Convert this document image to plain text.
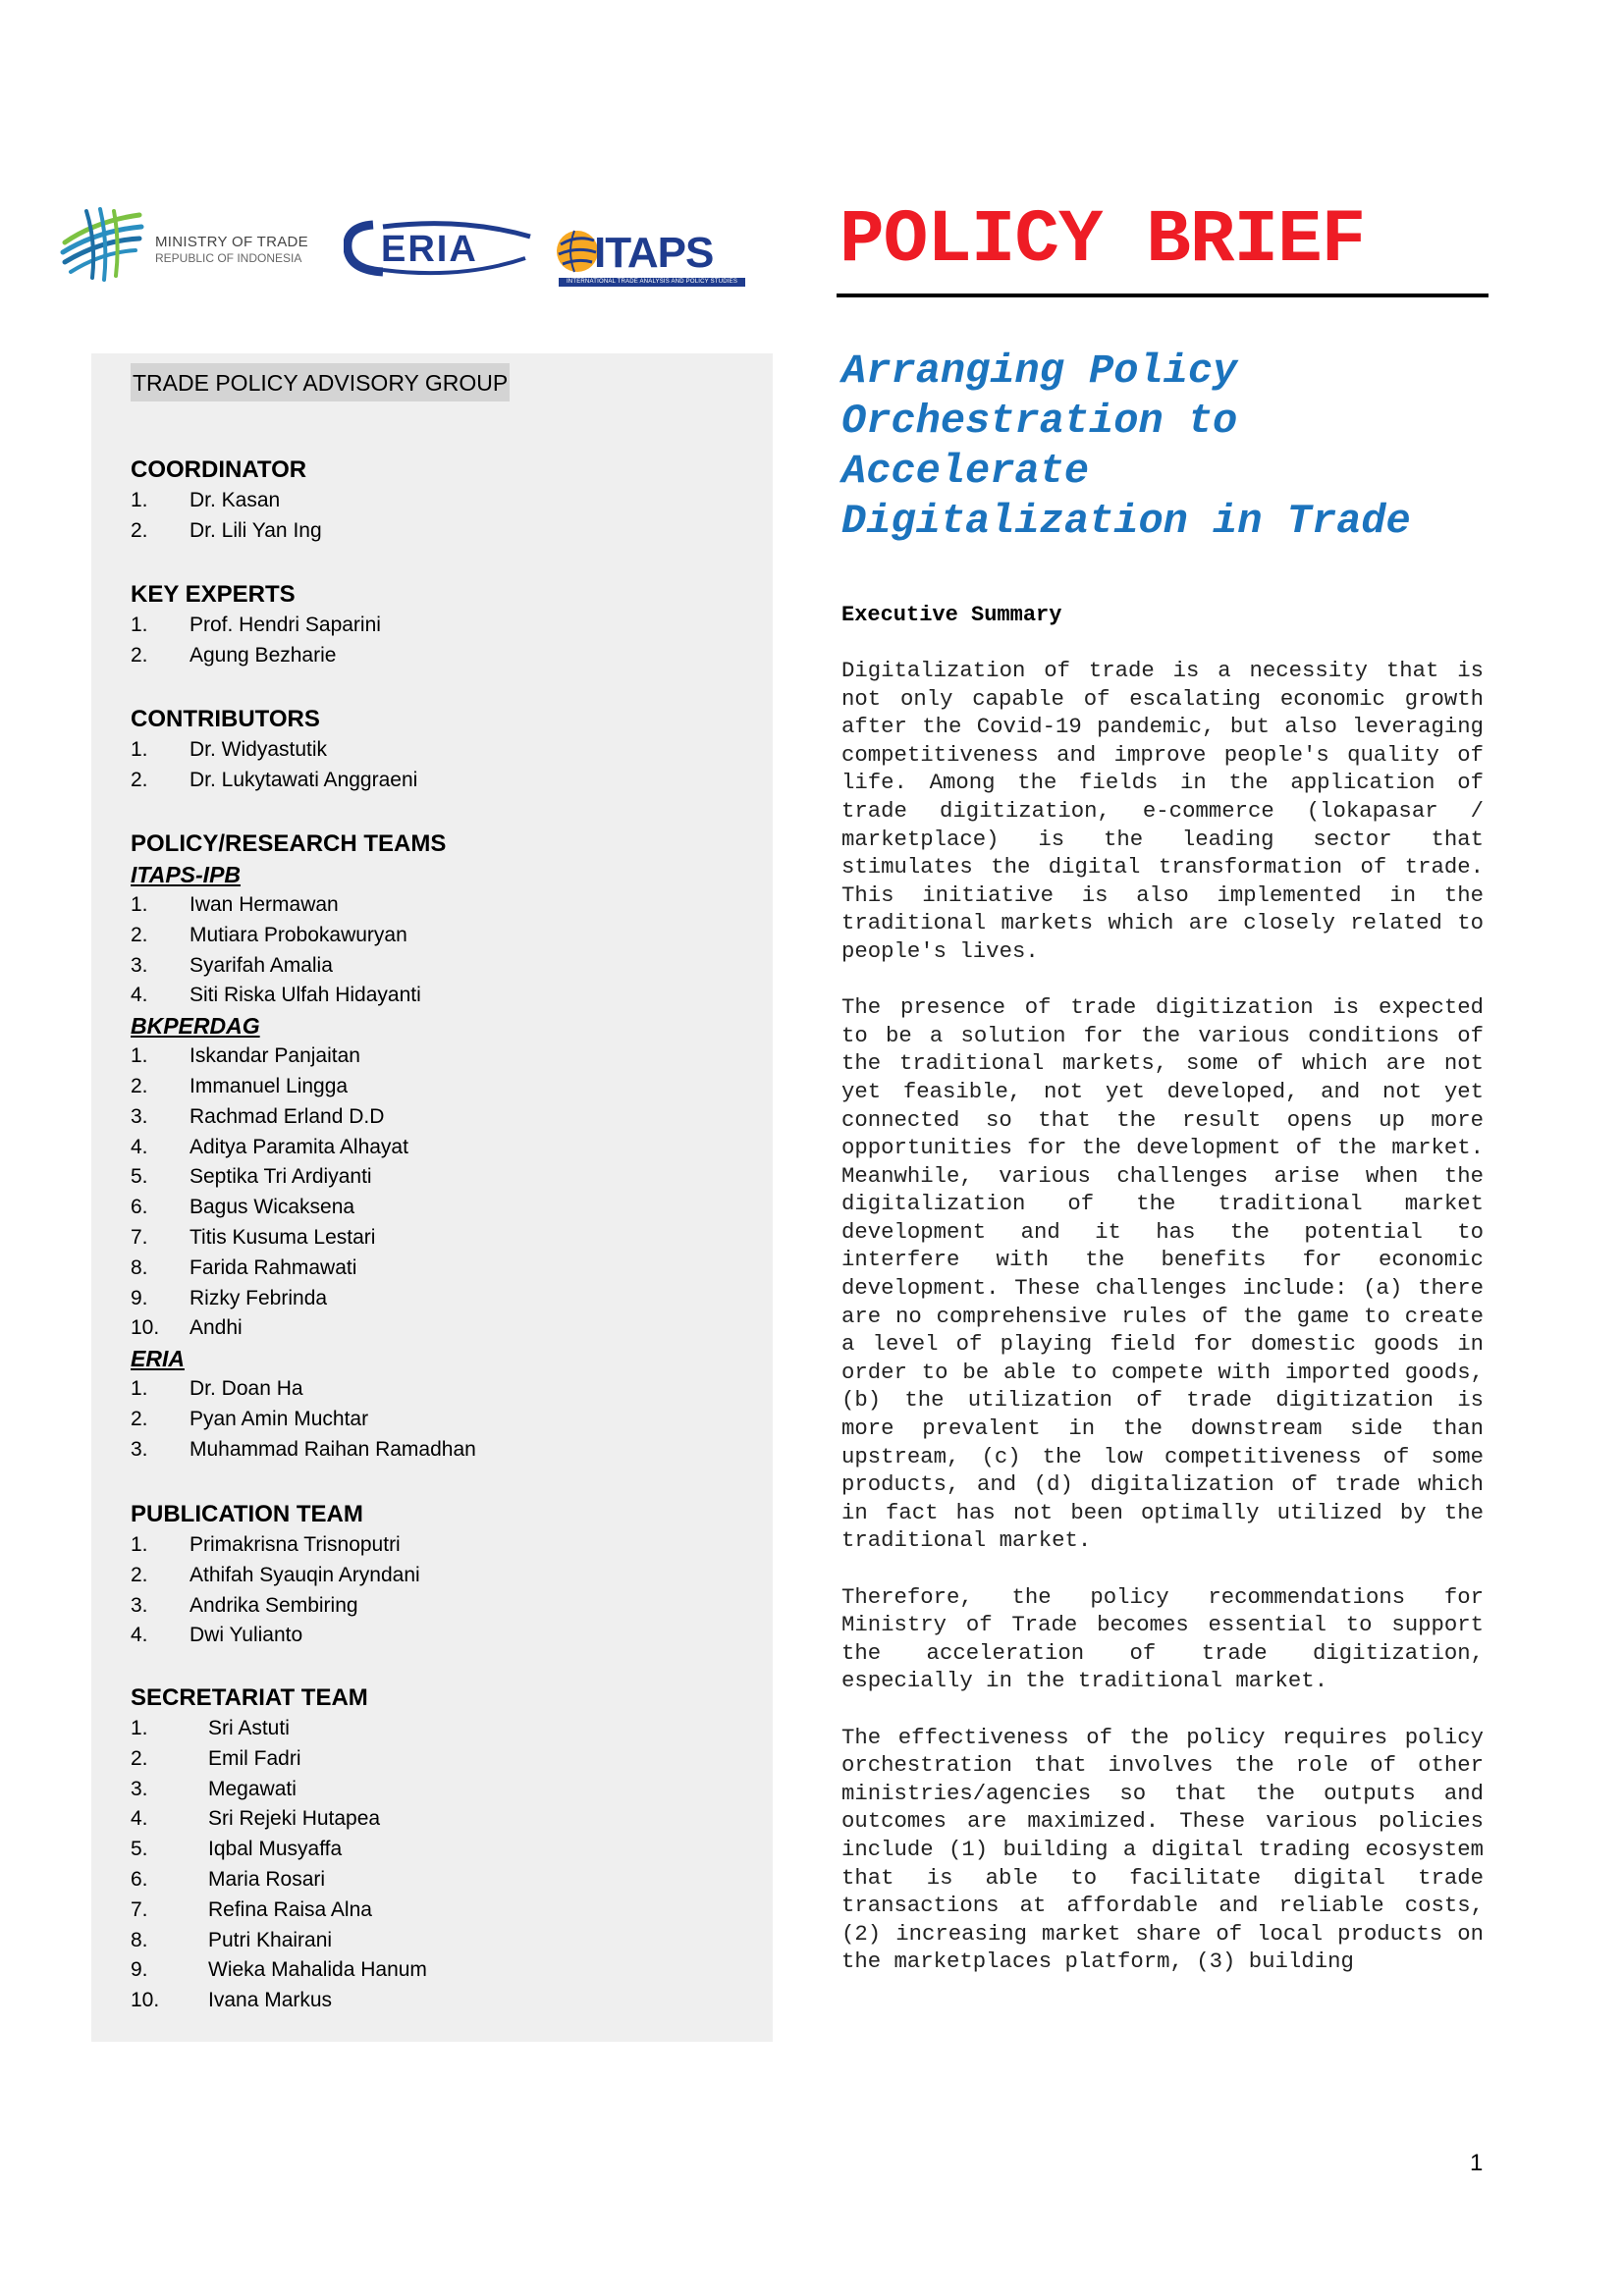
MINISTRY OF TRADE
REPUBLIC OF INDONESIA ERIA	ITAPS
INTERNATIONAL TRADE ANALYSIS AND POLICY STUDIES POLICY BRIEF
TRADE POLICY ADVISORY GROUP
COORDINATOR
1. Dr. Kasan
2. Dr. Lili Yan Ing
KEY EXPERTS
1. Prof. Hendri Saparini
2. Agung Bezharie
CONTRIBUTORS
1. Dr. Widyastutik
2. Dr. Lukytawati Anggraeni
POLICY/RESEARCH TEAMS
ITAPS-IPB
1. Iwan Hermawan
2. Mutiara Probokawuryan
3. Syarifah Amalia
4. Siti Riska Ulfah Hidayanti
BKPERDAG
1. Iskandar Panjaitan
2. Immanuel Lingga
3. Rachmad Erland D.D
4. Aditya Paramita Alhayat
5. Septika Tri Ardiyanti
6. Bagus Wicaksena
7. Titis Kusuma Lestari
8. Farida Rahmawati
9. Rizky Febrinda
10. Andhi
ERIA
1. Dr. Doan Ha
2. Pyan Amin Muchtar
3. Muhammad Raihan Ramadhan
PUBLICATION TEAM
1. Primakrisna Trisnoputri
2. Athifah Syauqin Aryndani
3. Andrika Sembiring
4. Dwi Yulianto
SECRETARIAT TEAM
1.	Sri Astuti
2.	Emil Fadri
3.	Megawati
4.	Sri Rejeki Hutapea
5.	Iqbal Musyaffa
6.	Maria Rosari
7.	Refina Raisa Alna
8.	Putri Khairani
9.	Wieka Mahalida Hanum
10. Ivana Markus
Arranging Policy
Orchestration to
Accelerate
Digitalization in Trade
Executive Summary

Digitalization of trade is a necessity that is not only capable of escalating economic growth after the Covid-19 pandemic, but also leveraging competitiveness and improve people's quality of life. Among the fields in the application of trade digitization, e-commerce (lokapasar / marketplace) is the leading sector that stimulates the digital transformation of trade. This initiative is also implemented in the traditional markets which are closely related to people's lives.

The presence of trade digitization is expected to be a solution for the various conditions of the traditional markets, some of which are not yet feasible, not yet developed, and not yet connected so that the result opens up more opportunities for the development of the market. Meanwhile, various challenges arise when the digitalization of the traditional market development and it has the potential to interfere with the benefits for economic development. These challenges include: (a) there are no comprehensive rules of the game to create a level of playing field for domestic goods in order to be able to compete with imported goods, (b) the utilization of trade digitization is more prevalent in the downstream side than upstream, (c) the low competitiveness of some products, and (d) digitalization of trade which in fact has not been optimally utilized by the traditional market.

Therefore, the policy recommendations for Ministry of Trade becomes essential to support the acceleration of trade digitization, especially in the traditional market.

The effectiveness of the policy requires policy orchestration that involves the role of other ministries/agencies so that the outputs and outcomes are maximized. These various policies include (1) building a digital trading ecosystem that is able to facilitate digital trade transactions at affordable and reliable costs, (2) increasing market share of local products on the marketplaces platform, (3) building

1
